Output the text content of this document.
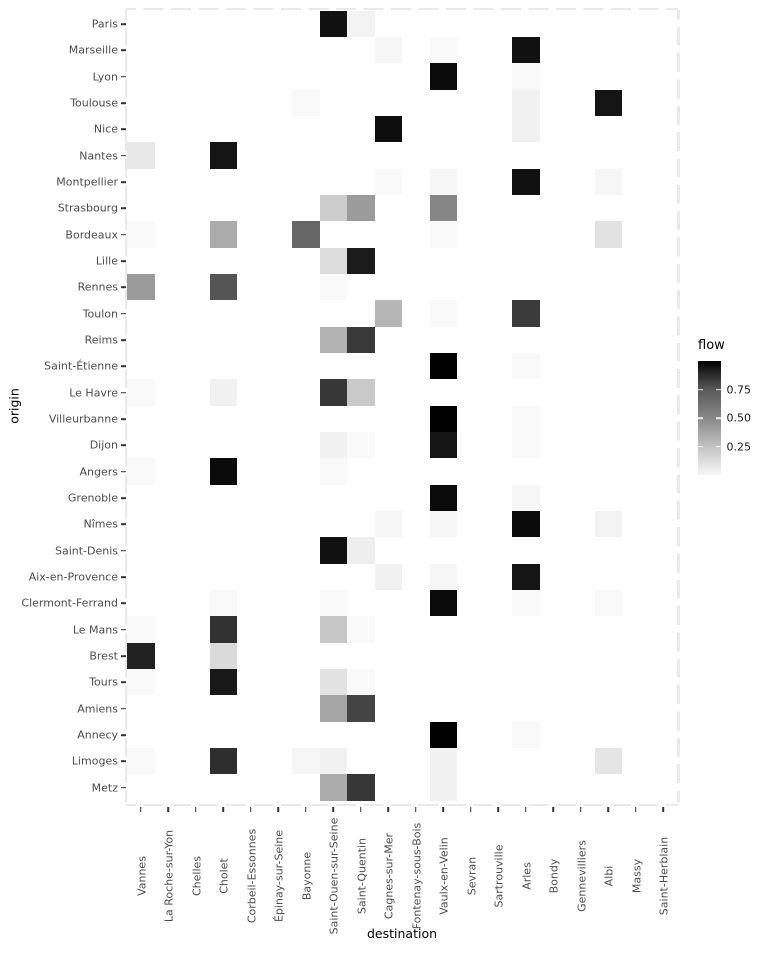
Paris
Marseille
Lyon
Toulouse
Nice
Nantes
Montpellier
Strasbourg
Bordeaux
Lille
Rennes
Toulon
Reims
Saint-Étienne
Le Havre
Villeurbanne
Dijon
Angers
Grenoble
Nîmes
Saint-Denis
Aix-en-Provence
Clermont-Ferrand
Le Mans
Brest
Tours
Amiens
Annecy
Limoges
Metz
Vannes La Roche-sur-Yon Chelles Cholet Corbeil-Essonnes Épinay-sur-Seine Bayonne Saint-Ouen-sur-Seine Saint-Quentin Cagnes-sur-Mer Fontenay-sous-Bois Vaulx-en-Velin Sevran Sartrouville Arles Bondy Gennevilliers Albi Massy Saint-Herblain
destination
origin
flow
0.75
0.50
0.25
